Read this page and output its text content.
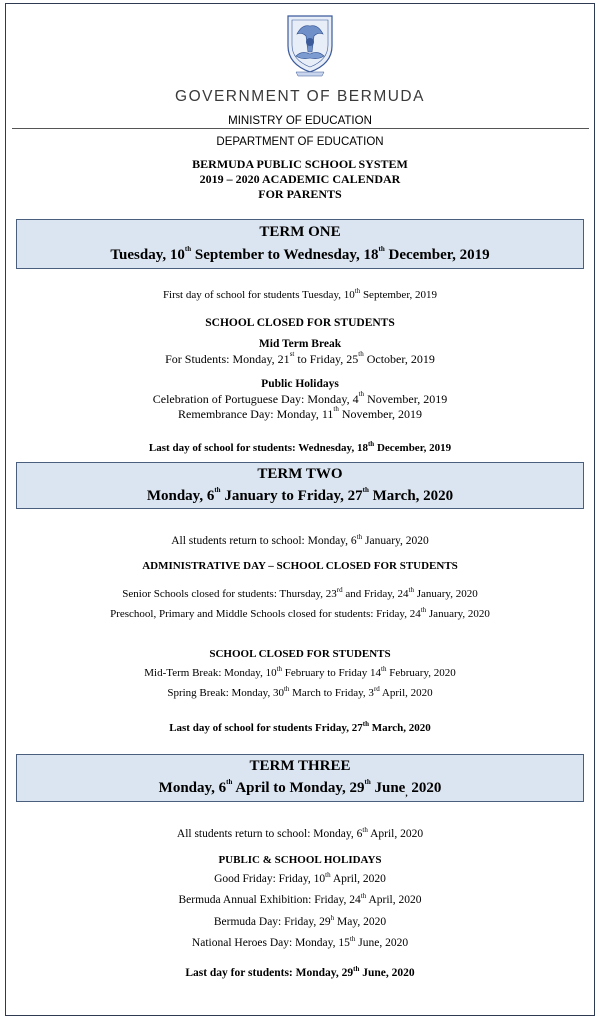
GOVERNMENT OF BERMUDA
MINISTRY OF EDUCATION
DEPARTMENT OF EDUCATION
BERMUDA PUBLIC SCHOOL SYSTEM
2019 – 2020 ACADEMIC CALENDAR
FOR PARENTS
TERM ONE
Tuesday, 10th September to Wednesday, 18th December, 2019
First day of school for students Tuesday, 10th September, 2019
SCHOOL CLOSED FOR STUDENTS
Mid Term Break
For Students: Monday, 21st to Friday, 25th October, 2019
Public Holidays
Celebration of Portuguese Day: Monday, 4th November, 2019
Remembrance Day: Monday, 11th November, 2019
Last day of school for students: Wednesday, 18th December, 2019
TERM TWO
Monday, 6th January to Friday, 27th March, 2020
All students return to school: Monday, 6th January, 2020
ADMINISTRATIVE DAY – SCHOOL CLOSED FOR STUDENTS
Senior Schools closed for students: Thursday, 23rd and Friday, 24th January, 2020
Preschool, Primary and Middle Schools closed for students: Friday, 24th January, 2020
SCHOOL CLOSED FOR STUDENTS
Mid-Term Break: Monday, 10th February to Friday 14th February, 2020
Spring Break: Monday, 30th March to Friday, 3rd April, 2020
Last day of school for students Friday, 27th March, 2020
TERM THREE
Monday, 6th April to Monday, 29th June$_,$ 2020
All students return to school: Monday, 6th April, 2020
PUBLIC & SCHOOL HOLIDAYS
Good Friday: Friday, 10th April, 2020
Bermuda Annual Exhibition: Friday, 24th April, 2020
Bermuda Day: Friday, 29$^h$ May, 2020
National Heroes Day: Monday, 15th June, 2020
Last day for students: Monday, 29th June, 2020
